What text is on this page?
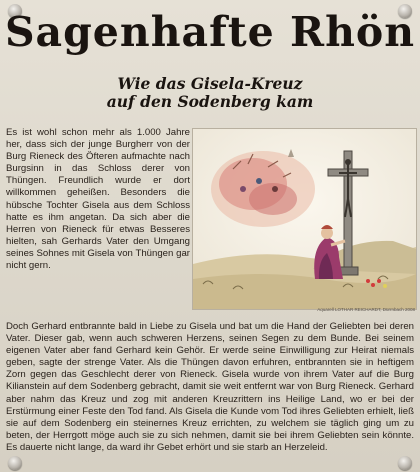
Sagenhafte Rhön
Wie das Gisela-Kreuz
auf den Sodenberg kam
Es ist wohl schon mehr als 1.000 Jahre her, dass sich der junge Burgherr von der Burg Rieneck des Öfteren aufmachte nach Burgsinn in das Schloss derer von Thüngen. Freundlich wurde er dort willkommen geheißen. Besonders die hübsche Tochter Gisela aus dem Schloss hatte es ihm angetan. Da sich aber die Herren von Rieneck für etwas Besseres hielten, sah Gerhards Vater den Umgang seines Sohnes mit Gisela von Thüngen gar nicht gern.
Aquarell LOTHAR REICHARDT, Dürrnbach 2008
Doch Gerhard entbrannte bald in Liebe zu Gisela und bat um die Hand der Geliebten bei deren Vater. Dieser gab, wenn auch schweren Herzens, seinen Segen zu dem Bunde. Bei seinem eigenen Vater aber fand Gerhard kein Gehör. Er werde seine Einwilligung zur Heirat niemals geben, sagte der strenge Vater. Als die Thüngen davon erfuhren, entbrannten sie in heftigem Zorn gegen das Geschlecht derer von Rieneck. Gisela wurde von ihrem Vater auf die Burg Kilianstein auf dem Sodenberg gebracht, damit sie weit entfernt war von Burg Rieneck. Gerhard aber nahm das Kreuz und zog mit anderen Kreuzrittern ins Heilige Land, wo er bei der Erstürmung einer Feste den Tod fand. Als Gisela die Kunde vom Tod ihres Geliebten erhielt, ließ sie auf dem Sodenberg ein steinernes Kreuz errichten, zu welchem sie täglich ging um zu beten, der Herrgott möge auch sie zu sich nehmen, damit sie bei ihrem Geliebten sein könnte. Es dauerte nicht lange, da ward ihr Gebet erhört und sie starb an Herzeleid.
